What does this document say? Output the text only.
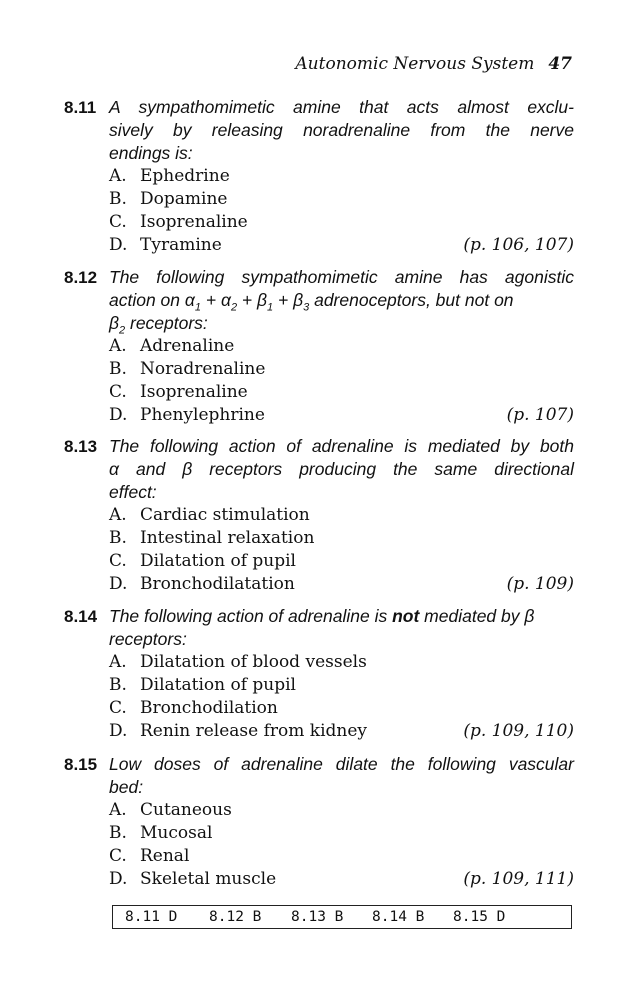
Autonomic Nervous System 47
8.11 A sympathomimetic amine that acts almost exclu-
sively by releasing noradrenaline from the nerve
endings is:
A. Ephedrine
B. Dopamine
C. Isoprenaline
D. Tyramine	(p. 106, 107)
8.12 The following sympathomimetic amine has agonistic
action on $\alpha_1 + \alpha_2 + \beta_1 + \beta_3$ adrenoceptors, but not on
$\beta_2$ receptors:
A. Adrenaline
B. Noradrenaline
C. Isoprenaline
D. Phenylephrine	(p. 107)
8.13 The following action of adrenaline is mediated by both
α and β receptors producing the same directional
effect:
A. Cardiac stimulation
B. Intestinal relaxation
C. Dilatation of pupil
D. Bronchodilatation	(p. 109)
8.14 The following action of adrenaline is not mediated by β
receptors:
A. Dilatation of blood vessels
B. Dilatation of pupil
C. Bronchodilation
D. Renin release from kidney	(p. 109, 110)
8.15 Low doses of adrenaline dilate the following vascular
bed:
A. Cutaneous
B. Mucosal
C. Renal
D. Skeletal muscle	(p. 109, 111)
8.11 D 8.12 B 8.13 B 8.14 B 8.15 D
